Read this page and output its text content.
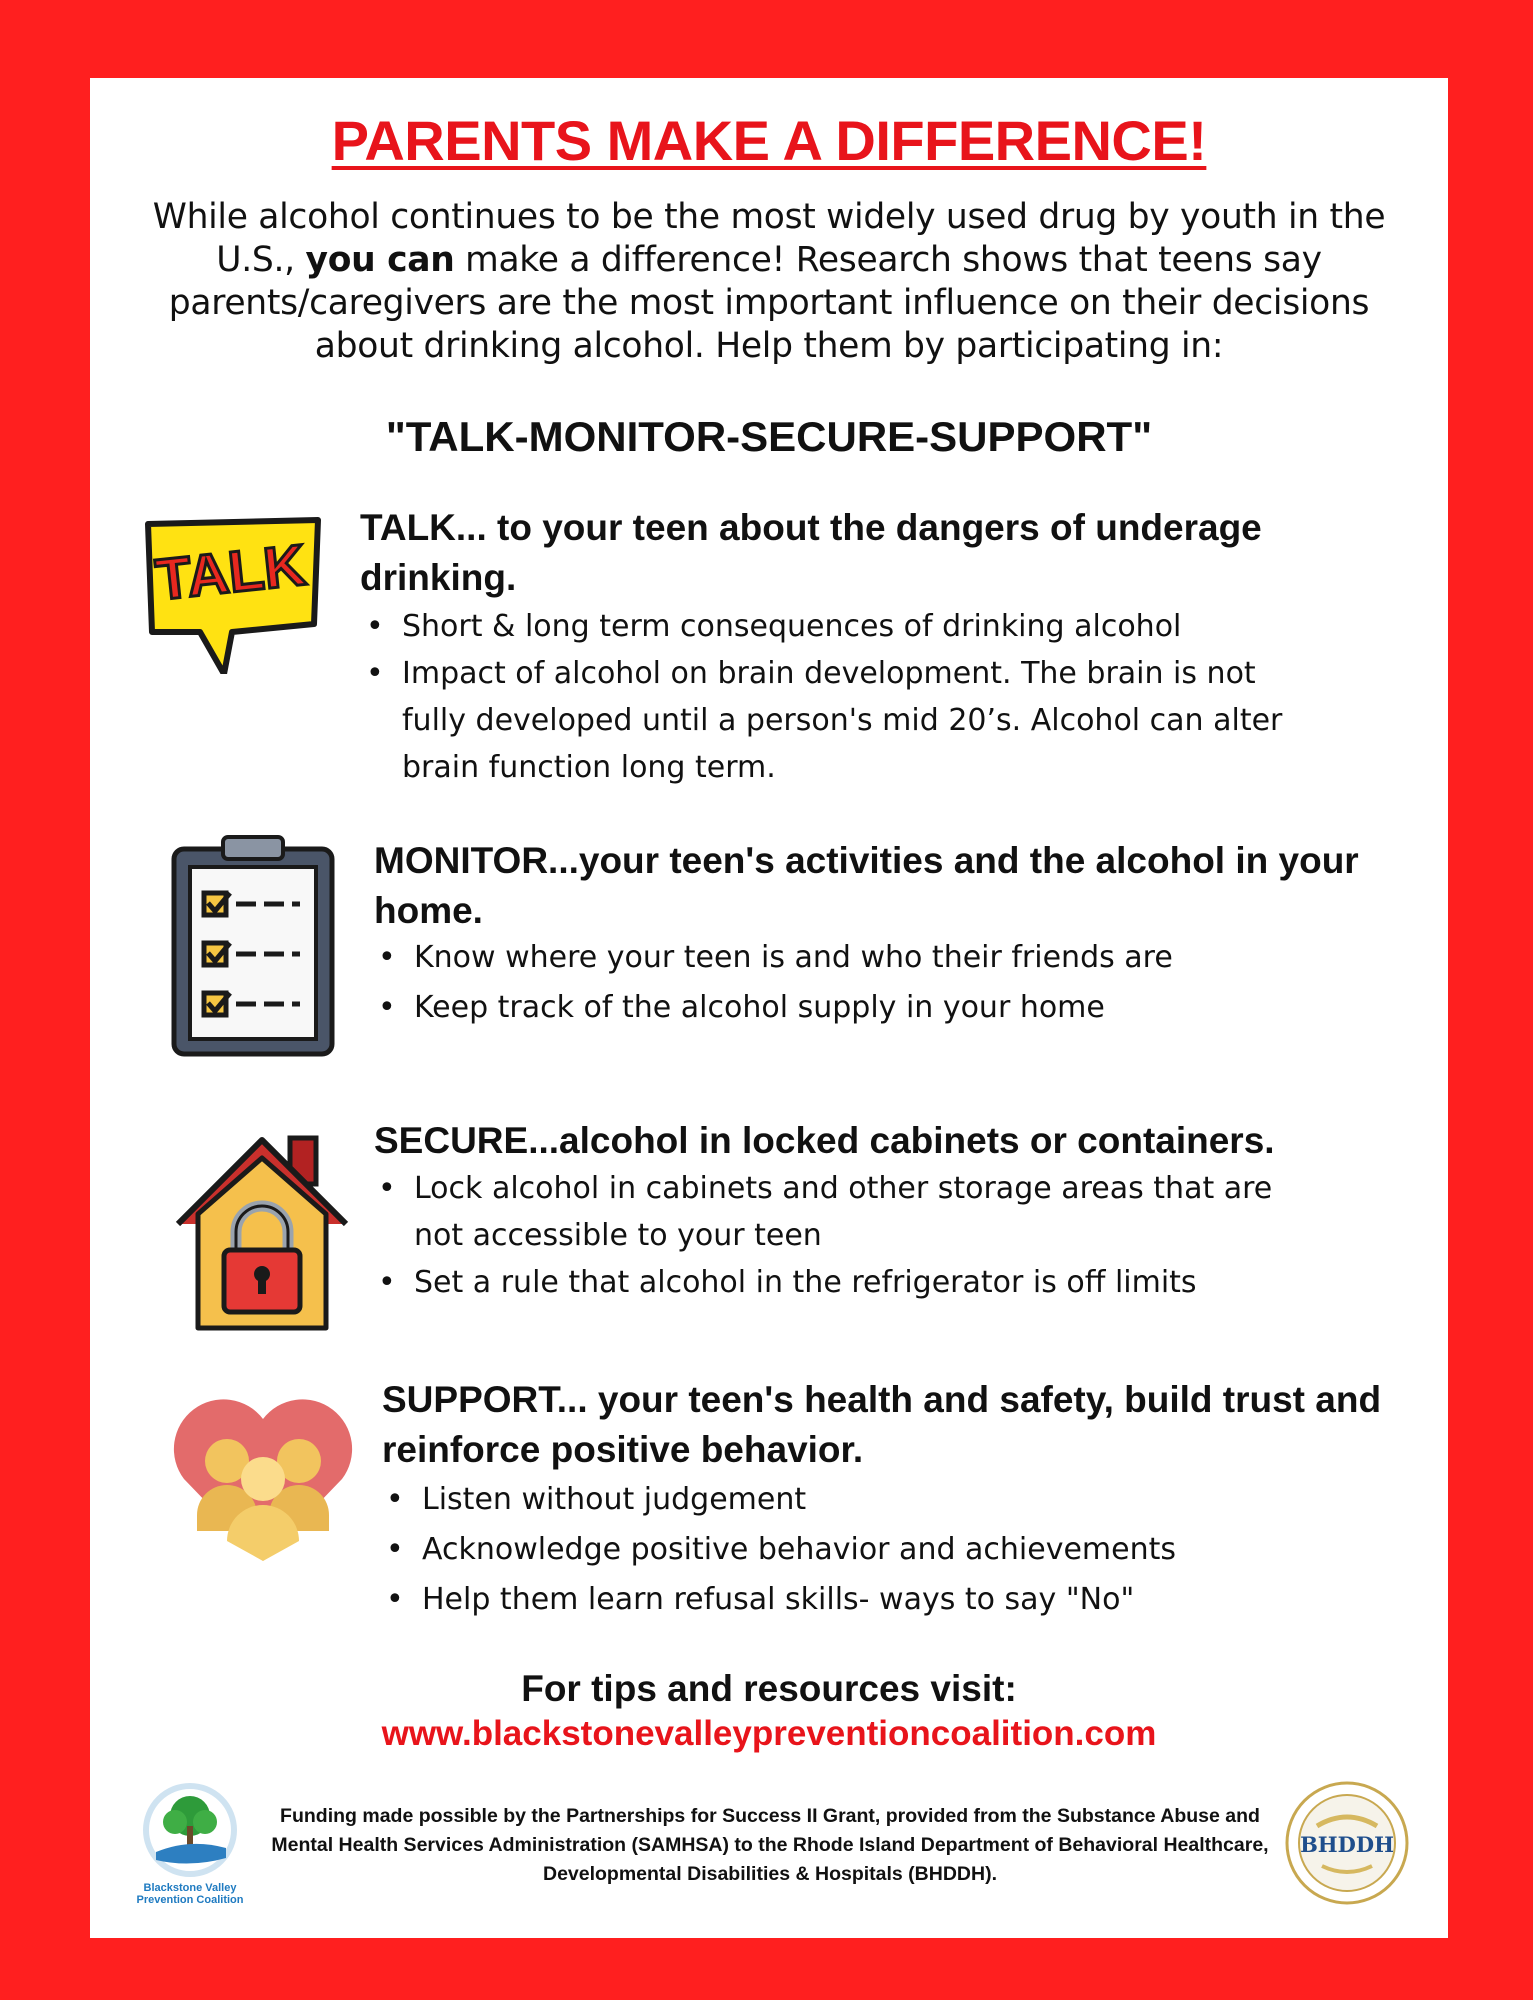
PARENTS MAKE A DIFFERENCE!
While alcohol continues to be the most widely used drug by youth in the U.S., you can make a difference! Research shows that teens say parents/caregivers are the most important influence on their decisions about drinking alcohol. Help them by participating in:
"TALK-MONITOR-SECURE-SUPPORT"
TALK
TALK... to your teen about the dangers of underage drinking.
• Short & long term consequences of drinking alcohol
• Impact of alcohol on brain development. The brain is not fully developed until a person's mid 20’s. Alcohol can alter brain function long term.
MONITOR...your teen's activities and the alcohol in your home.
• Know where your teen is and who their friends are
• Keep track of the alcohol supply in your home
SECURE...alcohol in locked cabinets or containers.
• Lock alcohol in cabinets and other storage areas that are not accessible to your teen
• Set a rule that alcohol in the refrigerator is off limits
SUPPORT... your teen's health and safety, build trust and reinforce positive behavior.
• Listen without judgement
• Acknowledge positive behavior and achievements
• Help them learn refusal skills- ways to say "No"
For tips and resources visit:
www.blackstonevalleypreventioncoalition.com
Blackstone Valley
Prevention Coalition
Funding made possible by the Partnerships for Success II Grant, provided from the Substance Abuse and Mental Health Services Administration (SAMHSA) to the Rhode Island Department of Behavioral Healthcare, Developmental Disabilities & Hospitals (BHDDH).
BHDDH
